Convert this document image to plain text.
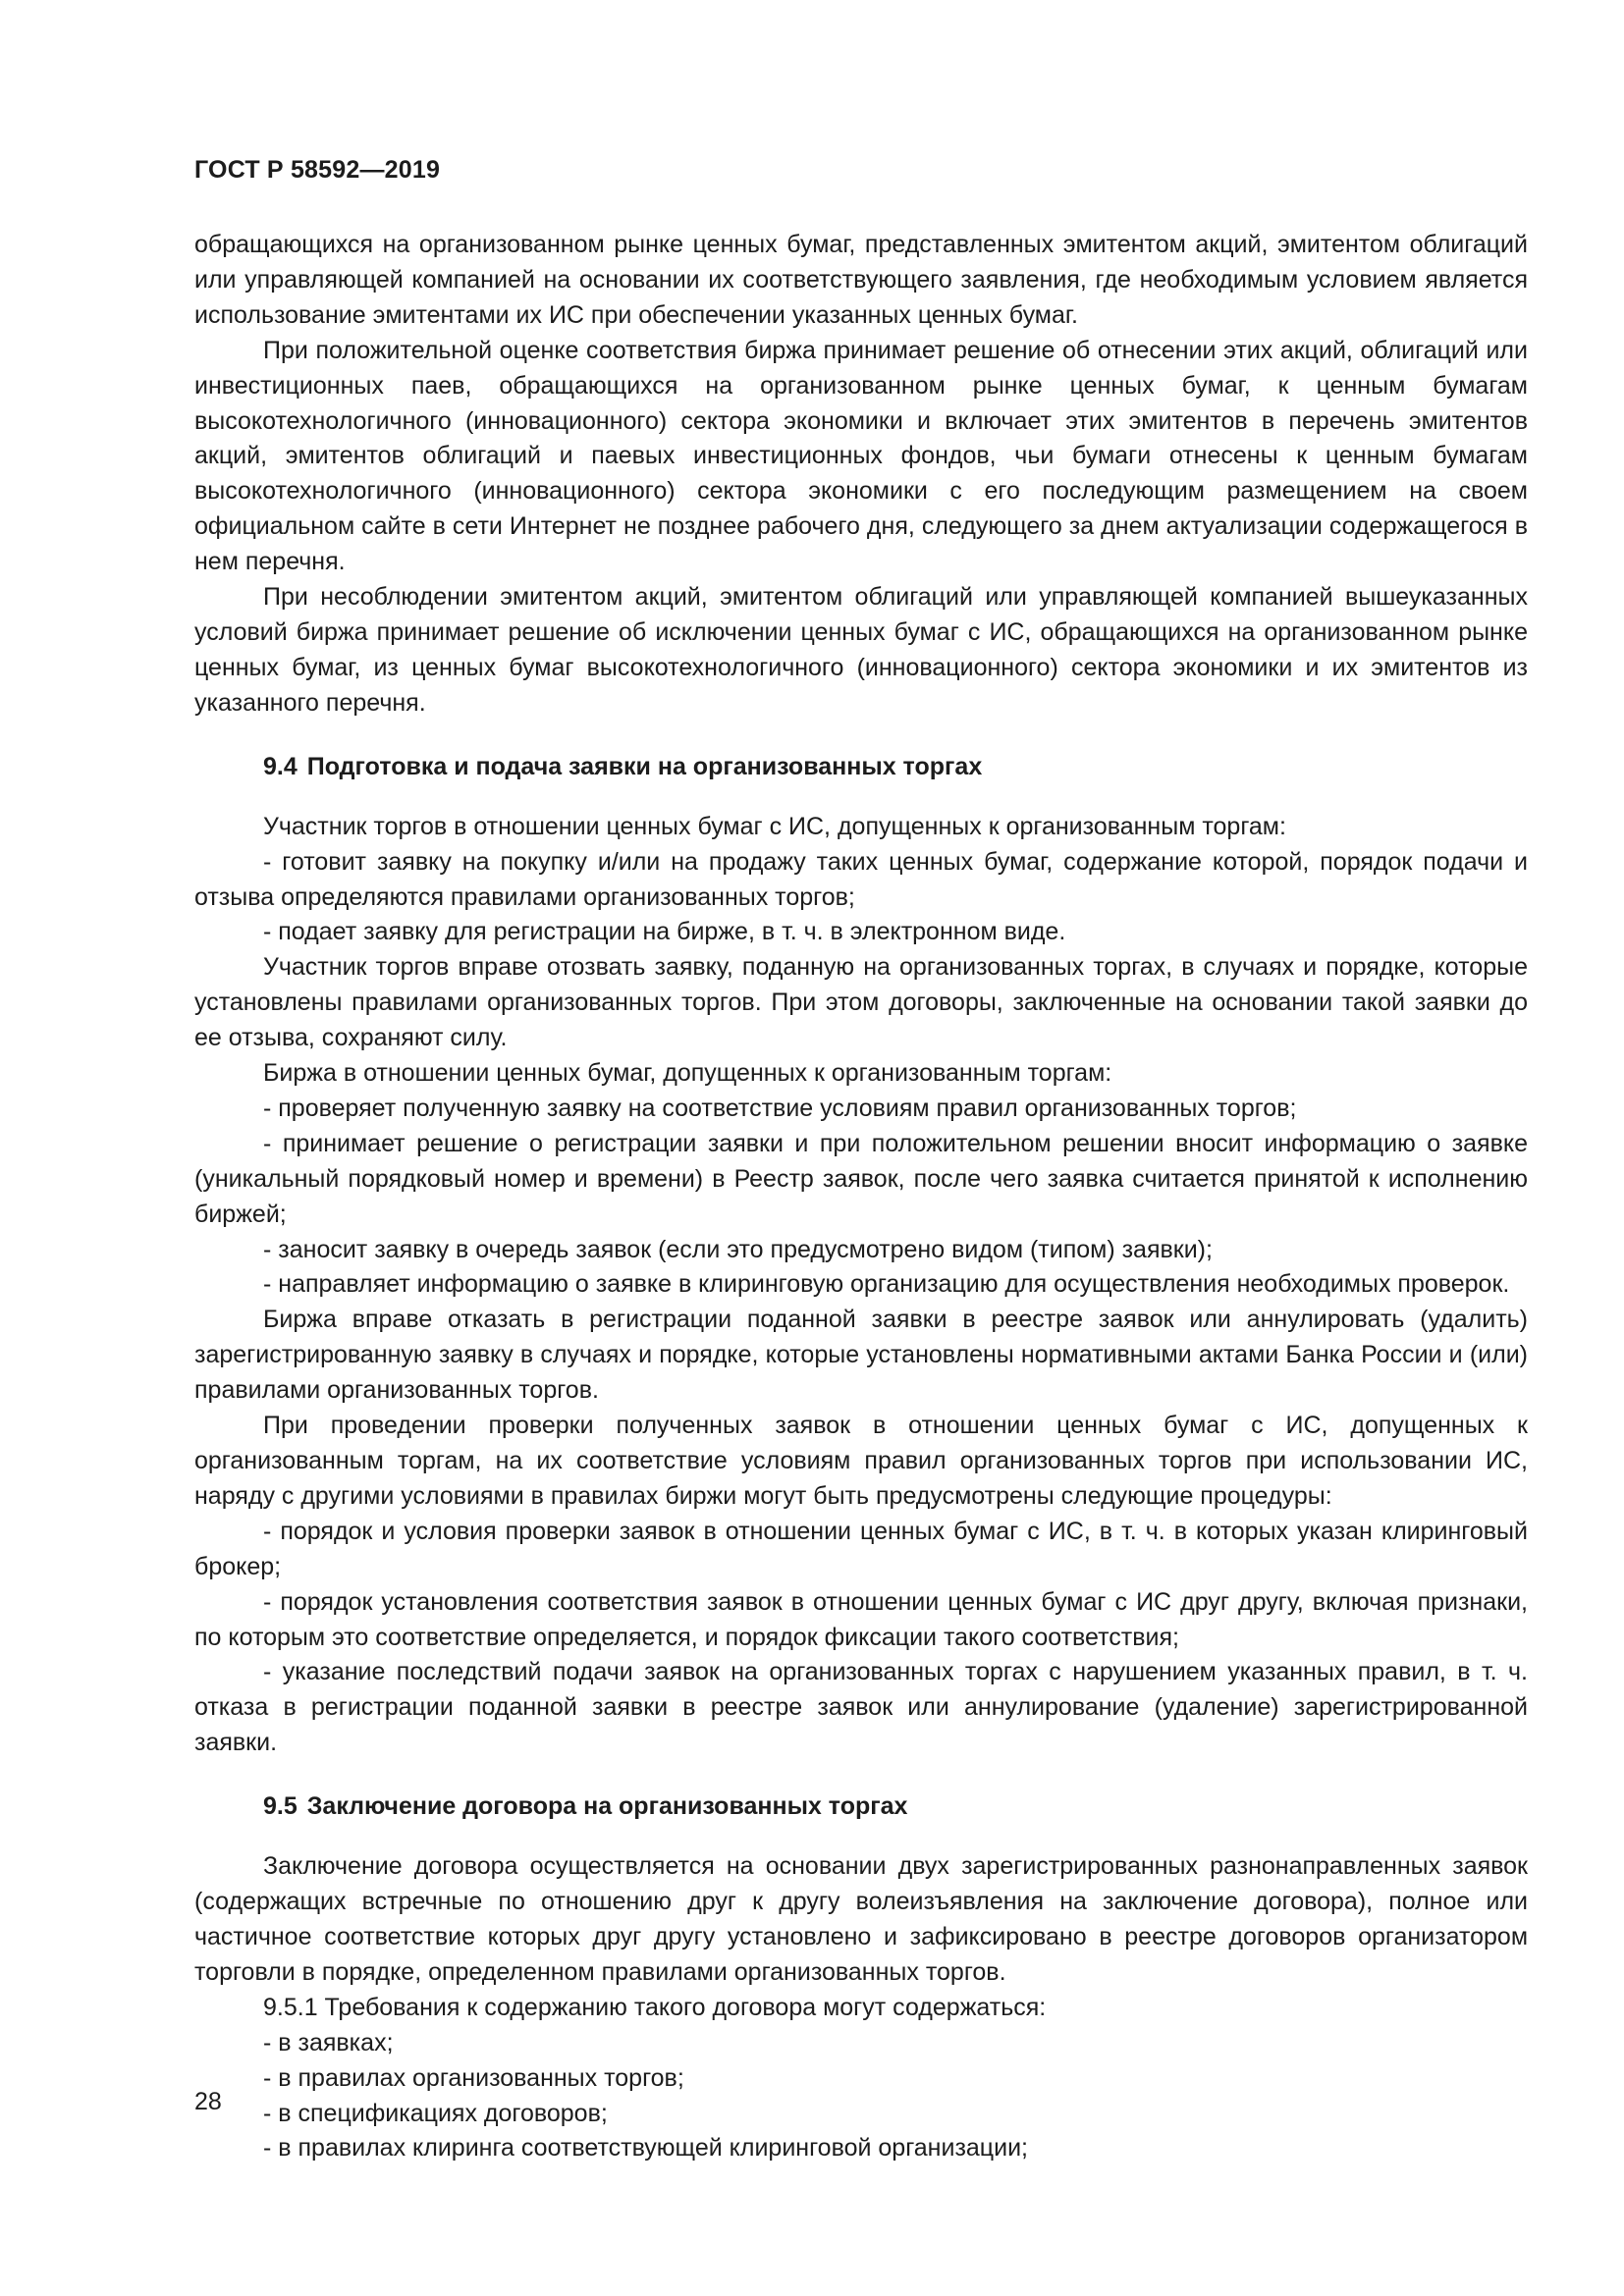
ГОСТ Р 58592—2019

обращающихся на организованном рынке ценных бумаг, представленных эмитентом акций, эмитентом облигаций или управляющей компанией на основании их соответствующего заявления, где необходимым условием является использование эмитентами их ИС при обеспечении указанных ценных бумаг.

При положительной оценке соответствия биржа принимает решение об отнесении этих акций, облигаций или инвестиционных паев, обращающихся на организованном рынке ценных бумаг, к ценным бумагам высокотехнологичного (инновационного) сектора экономики и включает этих эмитентов в перечень эмитентов акций, эмитентов облигаций и паевых инвестиционных фондов, чьи бумаги отнесены к ценным бумагам высокотехнологичного (инновационного) сектора экономики с его последующим размещением на своем официальном сайте в сети Интернет не позднее рабочего дня, следующего за днем актуализации содержащегося в нем перечня.

При несоблюдении эмитентом акций, эмитентом облигаций или управляющей компанией вышеуказанных условий биржа принимает решение об исключении ценных бумаг с ИС, обращающихся на организованном рынке ценных бумаг, из ценных бумаг высокотехнологичного (инновационного) сектора экономики и их эмитентов из указанного перечня.

9.4 Подготовка и подача заявки на организованных торгах

Участник торгов в отношении ценных бумаг с ИС, допущенных к организованным торгам:

- готовит заявку на покупку и/или на продажу таких ценных бумаг, содержание которой, порядок подачи и отзыва определяются правилами организованных торгов;

- подает заявку для регистрации на бирже, в т. ч. в электронном виде.

Участник торгов вправе отозвать заявку, поданную на организованных торгах, в случаях и порядке, которые установлены правилами организованных торгов. При этом договоры, заключенные на основании такой заявки до ее отзыва, сохраняют силу.

Биржа в отношении ценных бумаг, допущенных к организованным торгам:

- проверяет полученную заявку на соответствие условиям правил организованных торгов;

- принимает решение о регистрации заявки и при положительном решении вносит информацию о заявке (уникальный порядковый номер и времени) в Реестр заявок, после чего заявка считается принятой к исполнению биржей;

- заносит заявку в очередь заявок (если это предусмотрено видом (типом) заявки);

- направляет информацию о заявке в клиринговую организацию для осуществления необходимых проверок.

Биржа вправе отказать в регистрации поданной заявки в реестре заявок или аннулировать (удалить) зарегистрированную заявку в случаях и порядке, которые установлены нормативными актами Банка России и (или) правилами организованных торгов.

При проведении проверки полученных заявок в отношении ценных бумаг с ИС, допущенных к организованным торгам, на их соответствие условиям правил организованных торгов при использовании ИС, наряду с другими условиями в правилах биржи могут быть предусмотрены следующие процедуры:

- порядок и условия проверки заявок в отношении ценных бумаг с ИС, в т. ч. в которых указан клиринговый брокер;

- порядок установления соответствия заявок в отношении ценных бумаг с ИС друг другу, включая признаки, по которым это соответствие определяется, и порядок фиксации такого соответствия;

- указание последствий подачи заявок на организованных торгах с нарушением указанных правил, в т. ч. отказа в регистрации поданной заявки в реестре заявок или аннулирование (удаление) зарегистрированной заявки.

9.5 Заключение договора на организованных торгах

Заключение договора осуществляется на основании двух зарегистрированных разнонаправленных заявок (содержащих встречные по отношению друг к другу волеизъявления на заключение договора), полное или частичное соответствие которых друг другу установлено и зафиксировано в реестре договоров организатором торговли в порядке, определенном правилами организованных торгов.

9.5.1 Требования к содержанию такого договора могут содержаться:

- в заявках;

- в правилах организованных торгов;

- в спецификациях договоров;

- в правилах клиринга соответствующей клиринговой организации;

28
